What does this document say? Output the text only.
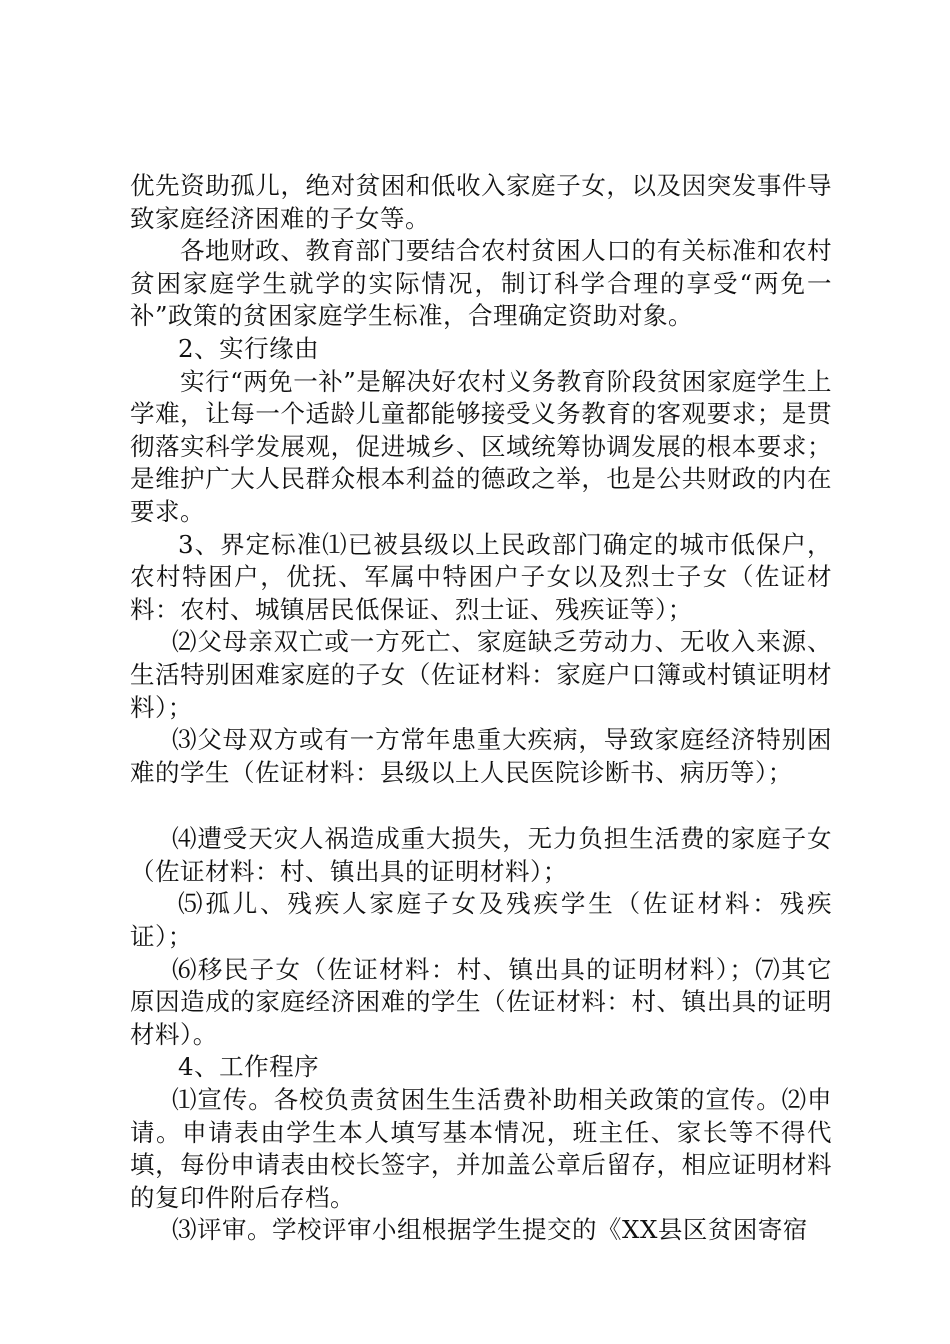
优先资助孤儿，绝对贫困和低收入家庭子女，以及因突发事件导致家庭经济困难的子女等。

各地财政、教育部门要结合农村贫困人口的有关标准和农村贫困家庭学生就学的实际情况，制订科学合理的享受“两免一补”政策的贫困家庭学生标准，合理确定资助对象。

2、实行缘由

实行“两免一补”是解决好农村义务教育阶段贫困家庭学生上学难，让每一个适龄儿童都能够接受义务教育的客观要求；是贯彻落实科学发展观，促进城乡、区域统筹协调发展的根本要求；是维护广大人民群众根本利益的德政之举，也是公共财政的内在要求。

3、界定标准⑴已被县级以上民政部门确定的城市低保户，农村特困户，优抚、军属中特困户子女以及烈士子女（佐证材料：农村、城镇居民低保证、烈士证、残疾证等）；

⑵父母亲双亡或一方死亡、家庭缺乏劳动力、无收入来源、生活特别困难家庭的子女（佐证材料：家庭户口簿或村镇证明材料）；

⑶父母双方或有一方常年患重大疾病，导致家庭经济特别困难的学生（佐证材料：县级以上人民医院诊断书、病历等）；

⑷遭受天灾人祸造成重大损失，无力负担生活费的家庭子女（佐证材料：村、镇出具的证明材料）；

⑸孤儿、残疾人家庭子女及残疾学生（佐证材料：残疾证）；

⑹移民子女（佐证材料：村、镇出具的证明材料）；⑺其它原因造成的家庭经济困难的学生（佐证材料：村、镇出具的证明材料）。

4、工作程序

⑴宣传。各校负责贫困生生活费补助相关政策的宣传。⑵申请。申请表由学生本人填写基本情况，班主任、家长等不得代填，每份申请表由校长签字，并加盖公章后留存，相应证明材料的复印件附后存档。

⑶评审。学校评审小组根据学生提交的《XX县区贫困寄宿
